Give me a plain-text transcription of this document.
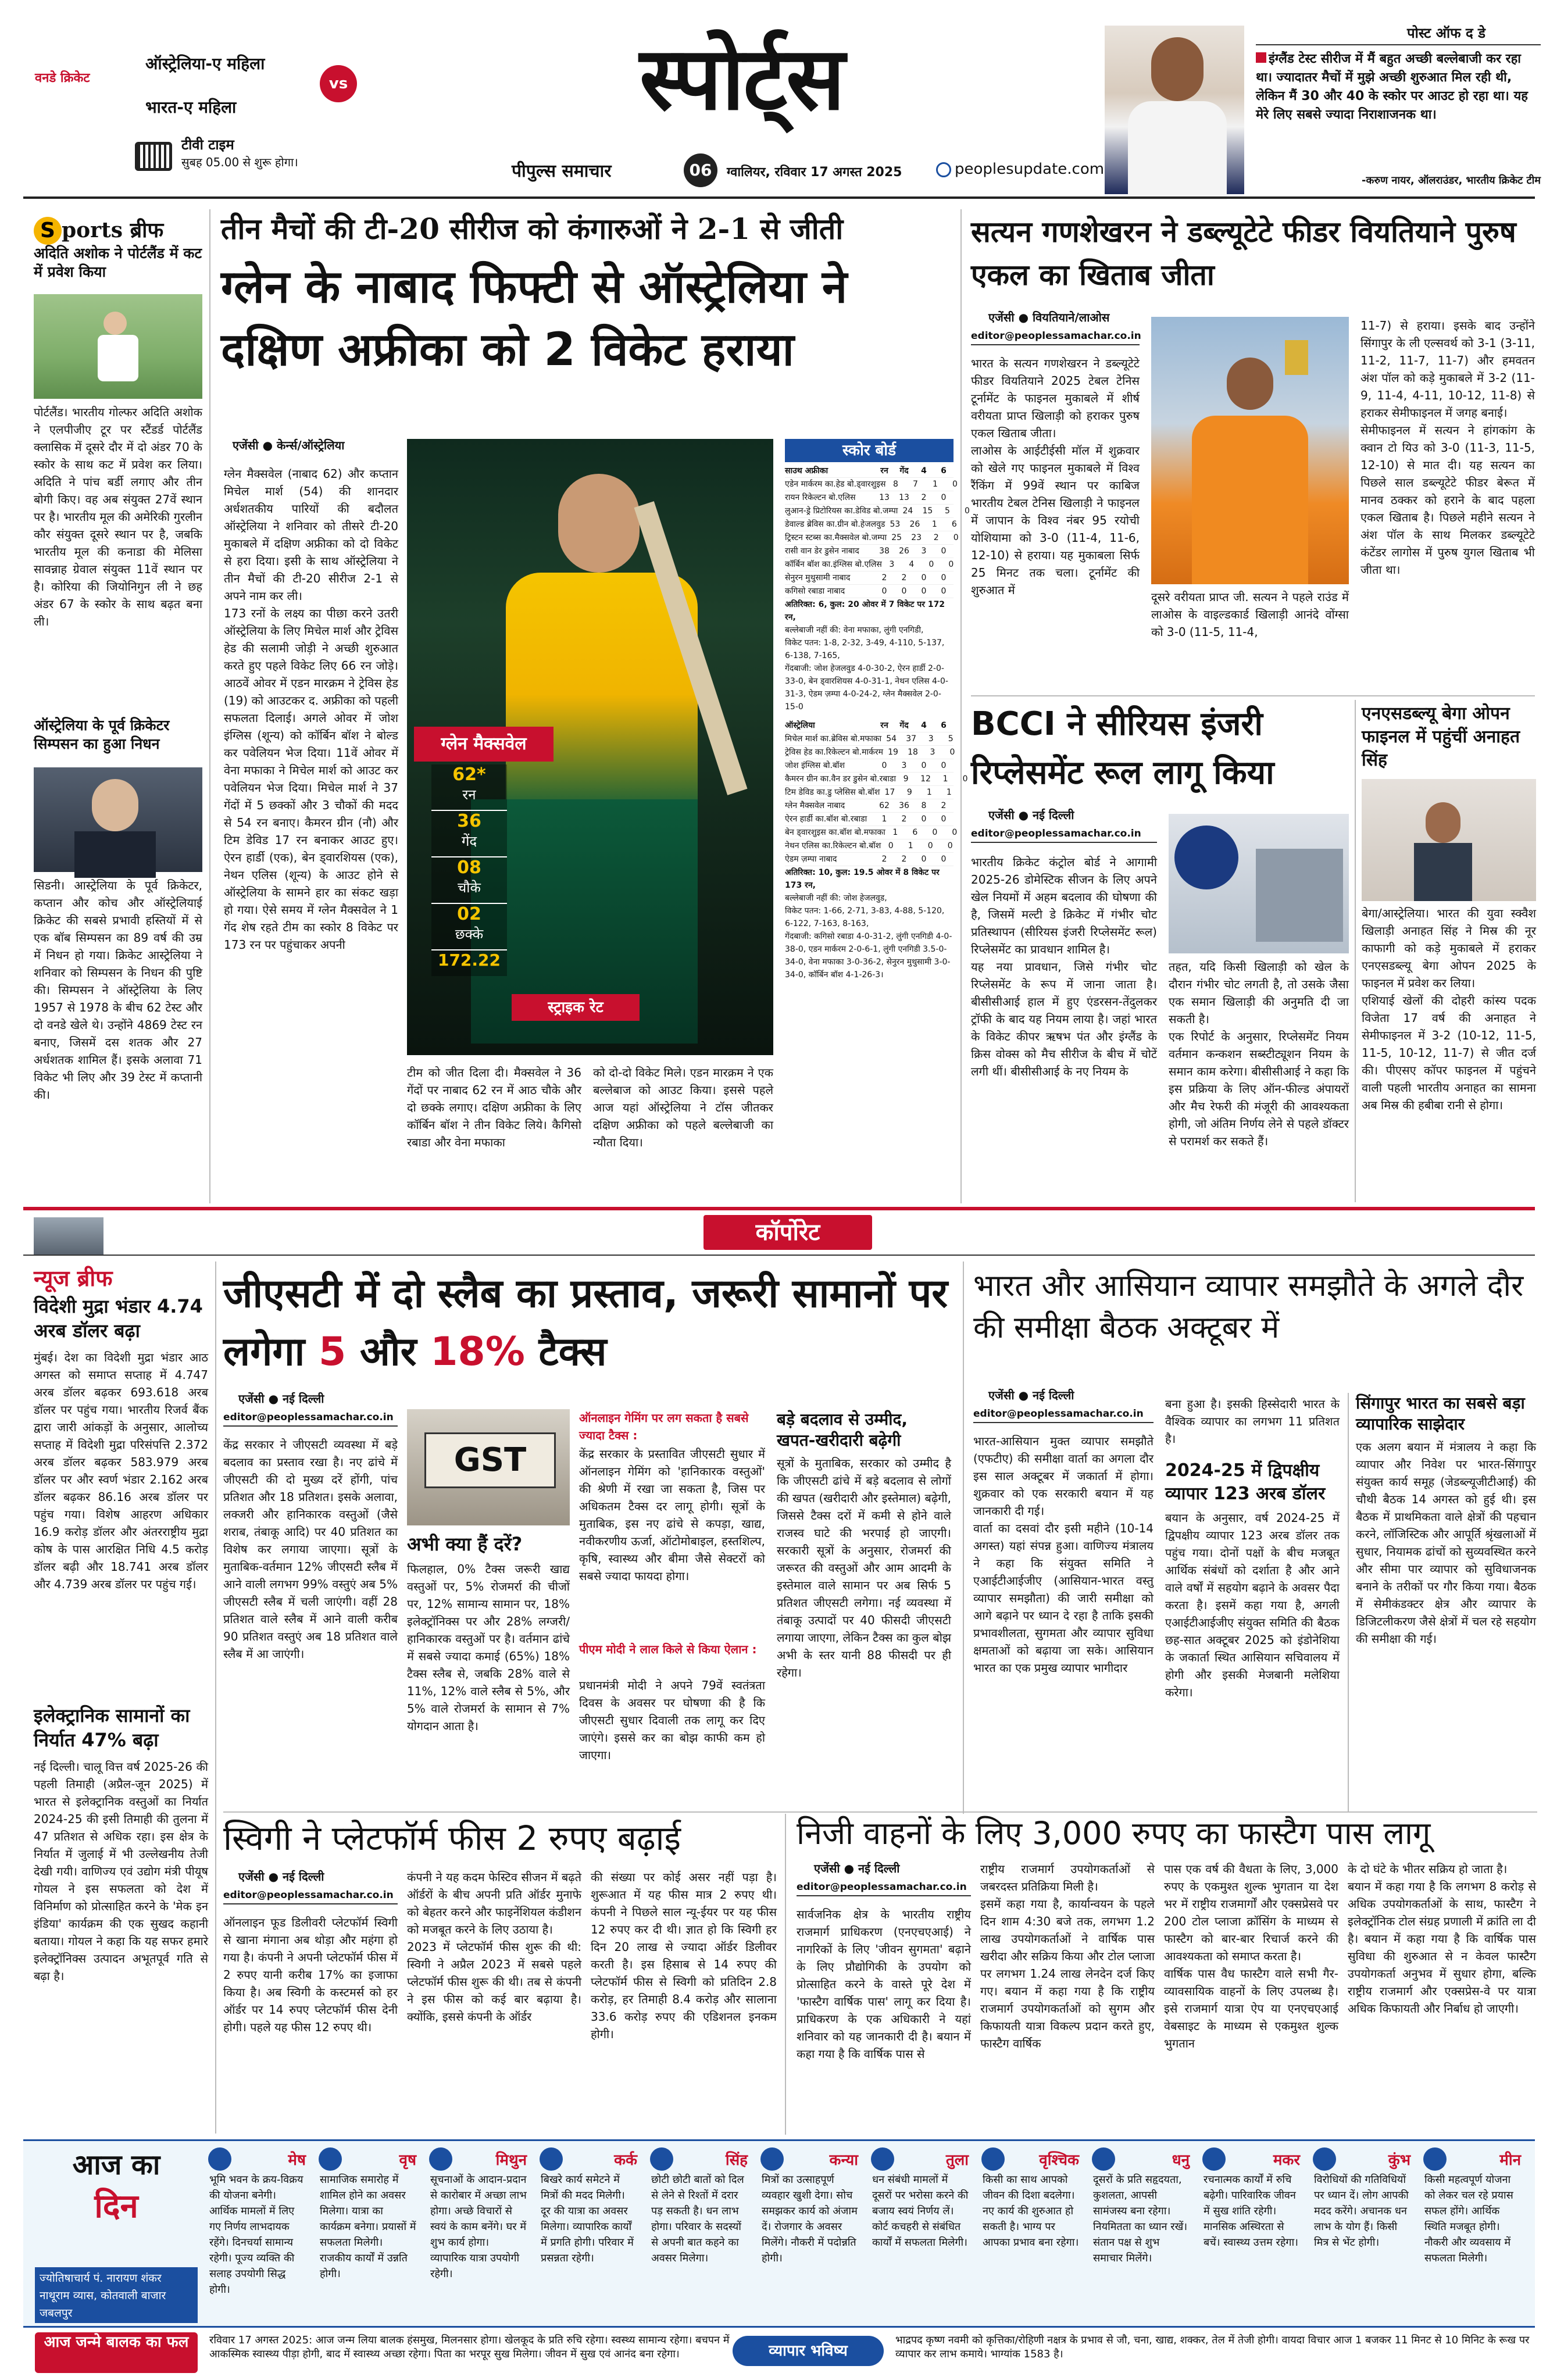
वनडे क्रिकेट
ऑस्ट्रेलिया-ए महिला
भारत-ए महिला
vs
टीवी टाइम
सुबह 05.00 से शुरू होगा।
स्पोर्ट्स
पीपुल्स समाचार	06	ग्वालियर, रविवार 17 अगस्त 2025	peoplesupdate.com
पोस्ट ऑफ द डे
इंग्लैंड टेस्ट सीरीज में मैं बहुत अच्छी बल्लेबाजी कर रहा था। ज्यादातर मैचों में मुझे अच्छी शुरुआत मिल रही थी, लेकिन मैं 30 और 40 के स्कोर पर आउट हो रहा था। यह मेरे लिए सबसे ज्यादा निराशाजनक था।
-करुण नायर, ऑलराउंडर, भारतीय क्रिकेट टीम
S ports ब्रीफ
अदिति अशोक ने पोर्टलैंड में कट में प्रवेश किया
पोर्टलैंड। भारतीय गोल्फर अदिति अशोक ने एलपीजीए टूर पर स्टैंडर्ड पोर्टलैंड क्लासिक में दूसरे दौर में दो अंडर 70 के स्कोर के साथ कट में प्रवेश कर लिया। अदिति ने पांच बर्डी लगाए और तीन बोगी किए। वह अब संयुक्त 27वें स्थान पर है। भारतीय मूल की अमेरिकी गुरलीन कौर संयुक्त दूसरे स्थान पर है, जबकि भारतीय मूल की कनाडा की मेलिसा सावन्नाह ग्रेवाल संयुक्त 11वें स्थान पर है। कोरिया की जियोनिगुन ली ने छह अंडर 67 के स्कोर के साथ बढ़त बना ली।
ऑस्ट्रेलिया के पूर्व क्रिकेटर सिम्पसन का हुआ निधन
सिडनी। आस्ट्रेलिया के पूर्व क्रिकेटर, कप्तान और कोच और ऑस्ट्रेलियाई क्रिकेट की सबसे प्रभावी हस्तियों में से एक बॉब सिम्पसन का 89 वर्ष की उम्र में निधन हो गया। क्रिकेट आस्ट्रेलिया ने शनिवार को सिम्पसन के निधन की पुष्टि की। सिम्पसन ने ऑस्ट्रेलिया के लिए 1957 से 1978 के बीच 62 टेस्ट और दो वनडे खेले थे। उन्होंने 4869 टेस्ट रन बनाए, जिसमें दस शतक और 27 अर्धशतक शामिल हैं। इसके अलावा 71 विकेट भी लिए और 39 टेस्ट में कप्तानी की।
तीन मैचों की टी-20 सीरीज को कंगारुओं ने 2-1 से जीती
ग्लेन के नाबाद फिफ्टी से ऑस्ट्रेलिया ने दक्षिण अफ्रीका को 2 विकेट हराया
एजेंसी ● केर्न्स/ऑस्ट्रेलिया
ग्लेन मैक्सवेल (नाबाद 62) और कप्तान मिचेल मार्श (54) की शानदार अर्धशतकीय पारियों की बदौलत ऑस्ट्रेलिया ने शनिवार को तीसरे टी-20 मुकाबले में दक्षिण अफ्रीका को दो विकेट से हरा दिया। इसी के साथ ऑस्ट्रेलिया ने तीन मैचों की टी-20 सीरीज 2-1 से अपने नाम कर ली।
173 रनों के लक्ष्य का पीछा करने उतरी ऑस्ट्रेलिया के लिए मिचेल मार्श और ट्रेविस हेड की सलामी जोड़ी ने अच्छी शुरुआत करते हुए पहले विकेट लिए 66 रन जोड़े। आठवें ओवर में एडन मारक्रम ने ट्रेविस हेड (19) को आउटकर द. अफ्रीका को पहली सफलता दिलाई। अगले ओवर में जोश इंग्लिस (शून्य) को कॉर्बिन बॉश ने बोल्ड कर पवेलियन भेज दिया। 11वें ओवर में वेना मफाका ने मिचेल मार्श को आउट कर पवेलियन भेज दिया। मिचेल मार्श ने 37 गेंदों में 5 छक्कों और 3 चौकों की मदद से 54 रन बनाए। कैमरन ग्रीन (नौ) और टिम डेविड 17 रन बनाकर आउट हुए। ऐरन हार्डी (एक), बेन ड्वारशियस (एक), नेथन एलिस (शून्य) के आउट होने से ऑस्ट्रेलिया के सामने हार का संकट खड़ा हो गया। ऐसे समय में ग्लेन मैक्सवेल ने 1 गेंद शेष रहते टीम का स्कोर 8 विकेट पर 173 रन पर पहुंचाकर अपनी
ग्लेन मैक्सवेल
62*
रन
36
गेंद
08
चौके
02
छक्के
172.22
स्ट्राइक रेट
टीम को जीत दिला दी। मैक्सवेल ने 36 गेंदों पर नाबाद 62 रन में आठ चौके और दो छक्के लगाए। दक्षिण अफ्रीका के लिए कॉर्बिन बॉश ने तीन विकेट लिये। कैगिसो रबाडा और वेना मफाका
को दो-दो विकेट मिले। एडन मारक्रम ने एक बल्लेबाज को आउट किया। इससे पहले आज यहां ऑस्ट्रेलिया ने टॉस जीतकर दक्षिण अफ्रीका को पहले बल्लेबाजी का न्यौता दिया।
स्कोर बोर्ड
साउथ अफ्रीका	रन	गेंद	4	6
एडेन मार्करम का.हेड बो.ड्वारशुइस 8	7	1	0
रायन रिकेल्टन बो.एलिस	13	13	2	0
लुआन-ड्रे प्रिटोरियस का.डेविड बो.जम्पा 24	15	5	0
डेवाल्ड ब्रेविस का.ग्रीन बो.हेजलवुड 53	26	1	6
ट्रिस्टन स्टब्स का.मैक्सवेल बो.जम्पा 25	23	2	0
रासी वान डेर डुसेन नाबाद	38	26	3	0
कॉर्बिन बॉश का.इंग्लिस बो.एलिस 3	4	0	0
सेनुरन मुथुसामी नाबाद	2	2	0	0
कगिसो रबाडा नाबाद	0	0	0	0
अतिरिक्त: 6, कुल: 20 ओवर में 7 विकेट पर 172 रन,
बल्लेबाजी नहीं की: वेना मफाका, लुंगी एनगिडी,
विकेट पतन: 1-8, 2-32, 3-49, 4-110, 5-137, 6-138, 7-165,
गेंदबाजी: जोश हेजलवुड 4-0-30-2, ऐरन हार्डी 2-0-33-0, बेन ड्वारशियस 4-0-31-1, नेथन एलिस 4-0-31-3, ऐडम ज़म्पा 4-0-24-2, ग्लेन मैक्सवेल 2-0-15-0
ऑस्ट्रेलिया	रन	गेंद	4	6
मिचेल मार्श का.ब्रेविस बो.मफाका 54	37	3	5
ट्रेविस हेड का.रिकेल्टन बो.मार्करम 19	18	3	0
जोश इंग्लिस बो.बॉश	0	3	0	0
कैमरन ग्रीन का.वैन डर डुसेन बो.रबाडा 9	12	1	0
टिम डेविड का.डु प्लेसिस बो.बॉश 17	9	1	1
ग्लेन मैक्सवेल नाबाद	62	36	8	2
ऐरन हार्डी का.बॉश बो.रबाडा	1	2	0	0
बेन ड्वारशुइस का.बॉश बो.मफाका 1	6	0	0
नेथन एलिस का.रिकेल्टन बो.बॉश 0	1	0	0
ऐडम ज़म्पा नाबाद	2	2	0	0
अतिरिक्त: 10, कुल: 19.5 ओवर में 8 विकेट पर 173 रन,
बल्लेबाजी नहीं की: जोश हेजलवुड,
विकेट पतन: 1-66, 2-71, 3-83, 4-88, 5-120, 6-122, 7-163, 8-163,
गेंदबाजी: कगिसो रबाडा 4-0-31-2, लुंगी एनगिडी 4-0-38-0, एडन मार्करम 2-0-6-1, लुंगी एनगिडी 3.5-0-34-0, वेना मफाका 3-0-36-2, सेनुरन मुथुसामी 3-0-34-0, कॉर्बिन बॉश 4-1-26-3।
सत्यन गणशेखरन ने डब्ल्यूटेटे फीडर वियतियाने पुरुष एकल का खिताब जीता
एजेंसी ● वियतियाने/लाओस
editor@peoplessamachar.co.in
भारत के सत्यन गणशेखरन ने डब्ल्यूटेटे फीडर वियतियाने 2025 टेबल टेनिस टूर्नामेंट के फाइनल मुकाबले में शीर्ष वरीयता प्राप्त खिलाड़ी को हराकर पुरुष एकल खिताब जीता।
लाओस के आईटीईसी मॉल में शुक्रवार को खेले गए फाइनल मुकाबले में विश्व रैंकिंग में 99वें स्थान पर काबिज भारतीय टेबल टेनिस खिलाड़ी ने फाइनल में जापान के विश्व नंबर 95 रयोची योशियामा को 3-0 (11-4, 11-6, 12-10) से हराया। यह मुकाबला सिर्फ 25 मिनट तक चला। टूर्नामेंट की शुरुआत में	दूसरे वरीयता प्राप्त जी. सत्यन ने पहले राउंड में लाओस के वाइल्डकार्ड खिलाड़ी आनंदे वोंग्सा को 3-0 (11-5, 11-4,
11-7) से हराया। इसके बाद उन्होंने सिंगापुर के ली एल्सवर्थ को 3-1 (3-11, 11-2, 11-7, 11-7) और हमवतन अंश पॉल को कड़े मुकाबले में 3-2 (11-9, 11-4, 4-11, 10-12, 11-8) से हराकर सेमीफाइनल में जगह बनाई।
सेमीफाइनल में सत्यन ने हांगकांग के क्वान टो यिउ को 3-0 (11-3, 11-5, 12-10) से मात दी। यह सत्यन का पिछले साल डब्ल्यूटेटे फीडर बेरूत में मानव ठक्कर को हराने के बाद पहला एकल खिताब है। पिछले महीने सत्यन ने अंश पॉल के साथ मिलकर डब्ल्यूटेटे कंटेंडर लागोस में पुरुष युगल खिताब भी जीता था।
BCCI ने सीरियस इंजरी रिप्लेसमेंट रूल लागू किया
एजेंसी ● नई दिल्ली
editor@peoplessamachar.co.in
भारतीय क्रिकेट कंट्रोल बोर्ड ने आगामी 2025-26 डोमेस्टिक सीजन के लिए अपने खेल नियमों में अहम बदलाव की घोषणा की है, जिसमें मल्टी डे क्रिकेट में गंभीर चोट प्रतिस्थापन (सीरियस इंजरी रिप्लेसमेंट रूल) रिप्लेसमेंट का प्रावधान शामिल है।
यह नया प्रावधान, जिसे गंभीर चोट रिप्लेसमेंट के रूप में जाना जाता है। बीसीसीआई हाल में हुए एंडरसन-तेंदुलकर ट्रॉफी के बाद यह नियम लाया है। जहां भारत के विकेट कीपर ऋषभ पंत और इंग्लैंड के क्रिस वोक्स को मैच सीरीज के बीच में चोटें लगी थीं। बीसीसीआई के नए नियम के
तहत, यदि किसी खिलाड़ी को खेल के दौरान गंभीर चोट लगती है, तो उसके जैसा एक समान खिलाड़ी की अनुमति दी जा सकती है।
एक रिपोर्ट के अनुसार, रिप्लेसमेंट नियम वर्तमान कन्कशन सब्स्टीट्यूशन नियम के समान काम करेगा। बीसीसीआई ने कहा कि इस प्रक्रिया के लिए ऑन-फील्ड अंपायरों और मैच रेफरी की मंजूरी की आवश्यकता होगी, जो अंतिम निर्णय लेने से पहले डॉक्टर से परामर्श कर सकते हैं।
एनएसडब्ल्यू बेगा ओपन फाइनल में पहुंचीं अनाहत सिंह
बेगा/आस्ट्रेलिया। भारत की युवा स्क्वैश खिलाड़ी अनाहत सिंह ने मिस्र की नूर काफागी को कड़े मुकाबले में हराकर एनएसडब्ल्यू बेगा ओपन 2025 के फाइनल में प्रवेश कर लिया।
एशियाई खेलों की दोहरी कांस्य पदक विजेता 17 वर्ष की अनाहत ने सेमीफाइनल में 3-2 (10-12, 11-5, 11-5, 10-12, 11-7) से जीत दर्ज की। पीएसए कॉपर फाइनल में पहुंचने वाली पहली भारतीय अनाहत का सामना अब मिस्र की हबीबा रानी से होगा।
कॉर्पोरेट
न्यूज ब्रीफ
विदेशी मुद्रा भंडार 4.74 अरब डॉलर बढ़ा
मुंबई। देश का विदेशी मुद्रा भंडार आठ अगस्त को समाप्त सप्ताह में 4.747 अरब डॉलर बढ़कर 693.618 अरब डॉलर पर पहुंच गया। भारतीय रिजर्व बैंक द्वारा जारी आंकड़ों के अनुसार, आलोच्य सप्ताह में विदेशी मुद्रा परिसंपत्ति 2.372 अरब डॉलर बढ़कर 583.979 अरब डॉलर पर और स्वर्ण भंडार 2.162 अरब डॉलर बढ़कर 86.16 अरब डॉलर पर पहुंच गया। विशेष आहरण अधिकार 16.9 करोड़ डॉलर और अंतरराष्ट्रीय मुद्रा कोष के पास आरक्षित निधि 4.5 करोड़ डॉलर बढ़ी और 18.741 अरब डॉलर और 4.739 अरब डॉलर पर पहुंच गई।
इलेक्ट्रानिक सामानों का निर्यात 47% बढ़ा
नई दिल्ली। चालू वित्त वर्ष 2025-26 की पहली तिमाही (अप्रैल-जून 2025) में भारत से इलेक्ट्रानिक वस्तुओं का निर्यात 2024-25 की इसी तिमाही की तुलना में 47 प्रतिशत से अधिक रहा। इस क्षेत्र के निर्यात में जुलाई में भी उल्लेखनीय तेजी देखी गयी। वाणिज्य एवं उद्योग मंत्री पीयूष गोयल ने इस सफलता को देश में विनिर्माण को प्रोत्साहित करने के 'मेक इन इंडिया' कार्यक्रम की एक सुखद कहानी बताया। गोयल ने कहा कि यह सफर हमारे इलेक्ट्रॉनिक्स उत्पादन अभूतपूर्व गति से बढ़ा है।
जीएसटी में दो स्लैब का प्रस्ताव, जरूरी सामानों पर लगेगा 5 और 18% टैक्स
एजेंसी ● नई दिल्ली
editor@peoplessamachar.co.in
केंद्र सरकार ने जीएसटी व्यवस्था में बड़े बदलाव का प्रस्ताव रखा है। नए ढांचे में जीएसटी की दो मुख्य दरें होंगी, पांच प्रतिशत और 18 प्रतिशत। इसके अलावा, लक्जरी और हानिकारक वस्तुओं (जैसे शराब, तंबाकू आदि) पर 40 प्रतिशत का विशेष कर लगाया जाएगा। सूत्रों के मुताबिक-वर्तमान 12% जीएसटी स्लैब में आने वाली लगभग 99% वस्तुएं अब 5% जीएसटी स्लैब में चली जाएंगी। वहीं 28 प्रतिशत वाले स्लैब में आने वाली करीब 90 प्रतिशत वस्तुएं अब 18 प्रतिशत वाले स्लैब में आ जाएंगी।
GST
अभी क्या हैं दरें?
फिलहाल, 0% टैक्स जरूरी खाद्य वस्तुओं पर, 5% रोजमर्रा की चीजों पर, 12% सामान्य सामान पर, 18% इलेक्ट्रॉनिक्स पर और 28% लग्जरी/हानिकारक वस्तुओं पर है। वर्तमान ढांचे में सबसे ज्यादा कमाई (65%) 18% टैक्स स्लैब से, जबकि 28% वाले से 11%, 12% वाले स्लैब से 5%, और 5% वाले रोजमर्रा के सामान से 7% योगदान आता है।
ऑनलाइन गेमिंग पर लग सकता है सबसे ज्यादा टैक्स :
केंद्र सरकार के प्रस्तावित जीएसटी सुधार में ऑनलाइन गेमिंग को 'हानिकारक वस्तुओं' की श्रेणी में रखा जा सकता है, जिस पर अधिकतम टैक्स दर लागू होगी। सूत्रों के मुताबिक, इस नए ढांचे से कपड़ा, खाद्य, नवीकरणीय ऊर्जा, ऑटोमोबाइल, हस्तशिल्प, कृषि, स्वास्थ्य और बीमा जैसे सेक्टरों को सबसे ज्यादा फायदा होगा।
पीएम मोदी ने लाल किले से किया ऐलान :
प्रधानमंत्री मोदी ने अपने 79वें स्वतंत्रता दिवस के अवसर पर घोषणा की है कि जीएसटी सुधार दिवाली तक लागू कर दिए जाएंगे। इससे कर का बोझ काफी कम हो जाएगा।
बड़े बदलाव से उम्मीद, खपत-खरीदारी बढ़ेगी
सूत्रों के मुताबिक, सरकार को उम्मीद है कि जीएसटी ढांचे में बड़े बदलाव से लोगों की खपत (खरीदारी और इस्तेमाल) बढ़ेगी, जिससे टैक्स दरों में कमी से होने वाले राजस्व घाटे की भरपाई हो जाएगी। सरकारी सूत्रों के अनुसार, रोजमर्रा की जरूरत की वस्तुओं और आम आदमी के इस्तेमाल वाले सामान पर अब सिर्फ 5 प्रतिशत जीएसटी लगेगा। नई व्यवस्था में तंबाकू उत्पादों पर 40 फीसदी जीएसटी लगाया जाएगा, लेकिन टैक्स का कुल बोझ अभी के स्तर यानी 88 फीसदी पर ही रहेगा।
भारत और आसियान व्यापार समझौते के अगले दौर की समीक्षा बैठक अक्टूबर में
एजेंसी ● नई दिल्ली
editor@peoplessamachar.co.in
भारत-आसियान मुक्त व्यापार समझौते (एफटीए) की समीक्षा वार्ता का अगला दौर इस साल अक्टूबर में जकार्ता में होगा। शुक्रवार को एक सरकारी बयान में यह जानकारी दी गई।
वार्ता का दसवां दौर इसी महीने (10-14 अगस्त) यहां संपन्न हुआ। वाणिज्य मंत्रालय ने कहा कि संयुक्त समिति ने एआईटीआईजीए (आसियान-भारत वस्तु व्यापार समझौता) की जारी समीक्षा को आगे बढ़ाने पर ध्यान दे रहा है ताकि इसकी प्रभावशीलता, सुगमता और व्यापार सुविधा क्षमताओं को बढ़ाया जा सके। आसियान भारत का एक प्रमुख व्यापार भागीदार
बना हुआ है। इसकी हिस्सेदारी भारत के वैश्विक व्यापार का लगभग 11 प्रतिशत है।
2024-25 में द्विपक्षीय व्यापार 123 अरब डॉलर
बयान के अनुसार, वर्ष 2024-25 में द्विपक्षीय व्यापार 123 अरब डॉलर तक पहुंच गया। दोनों पक्षों के बीच मजबूत आर्थिक संबंधों को दर्शाता है और आने वाले वर्षों में सहयोग बढ़ाने के अवसर पैदा करता है। इसमें कहा गया है, अगली एआईटीआईजीए संयुक्त समिति की बैठक छह-सात अक्टूबर 2025 को इंडोनेशिया के जकार्ता स्थित आसियान सचिवालय में होगी और इसकी मेजबानी मलेशिया करेगा।
सिंगापुर भारत का सबसे बड़ा व्यापारिक साझेदार
एक अलग बयान में मंत्रालय ने कहा कि व्यापार और निवेश पर भारत-सिंगापुर संयुक्त कार्य समूह (जेडब्ल्यूजीटीआई) की चौथी बैठक 14 अगस्त को हुई थी। इस बैठक में प्राथमिकता वाले क्षेत्रों की पहचान करने, लॉजिस्टिक और आपूर्ति श्रृंखलाओं में सुधार, नियामक ढांचों को सुव्यवस्थित करने और सीमा पार व्यापार को सुविधाजनक बनाने के तरीकों पर गौर किया गया। बैठक में सेमीकंडक्टर क्षेत्र और व्यापार के डिजिटलीकरण जैसे क्षेत्रों में चल रहे सहयोग की समीक्षा की गई।
स्विगी ने प्लेटफॉर्म फीस 2 रुपए बढ़ाई
एजेंसी ● नई दिल्ली
editor@peoplessamachar.co.in
ऑनलाइन फूड डिलीवरी प्लेटफॉर्म स्विगी से खाना मंगाना अब थोड़ा और महंगा हो गया है। कंपनी ने अपनी प्लेटफॉर्म फीस में 2 रुपए यानी करीब 17% का इजाफा किया है। अब स्विगी के कस्टमर्स को हर ऑर्डर पर 14 रुपए प्लेटफॉर्म फीस देनी होगी। पहले यह फीस 12 रुपए थी।
कंपनी ने यह कदम फेस्टिव सीजन में बढ़ते ऑर्डरों के बीच अपनी प्रति ऑर्डर मुनाफे को बेहतर करने और फाइनेंशियल कंडीशन को मजबूत करने के लिए उठाया है।
2023 में प्लेटफॉर्म फीस शुरू की थी: स्विगी ने अप्रैल 2023 में सबसे पहले प्लेटफॉर्म फीस शुरू की थी। तब से कंपनी ने इस फीस को कई बार बढ़ाया है। क्योंकि, इससे कंपनी के ऑर्डर
की संख्या पर कोई असर नहीं पड़ा है। शुरूआत में यह फीस मात्र 2 रुपए थी। कंपनी ने पिछले साल न्यू-ईयर पर यह फीस 12 रुपए कर दी थी। ज्ञात हो कि स्विगी हर दिन 20 लाख से ज्यादा ऑर्डर डिलीवर करती है। इस हिसाब से 14 रुपए की प्लेटफॉर्म फीस से स्विगी को प्रतिदिन 2.8 करोड़, हर तिमाही 8.4 करोड़ और सालाना 33.6 करोड़ रुपए की एडिशनल इनकम होगी।
निजी वाहनों के लिए 3,000 रुपए का फास्टैग पास लागू
एजेंसी ● नई दिल्ली
editor@peoplessamachar.co.in
सार्वजनिक क्षेत्र के भारतीय राष्ट्रीय राजमार्ग प्राधिकरण (एनएचएआई) ने नागरिकों के लिए 'जीवन सुगमता' बढ़ाने के लिए प्रौद्योगिकी के उपयोग को प्रोत्साहित करने के वास्ते पूरे देश में 'फास्टैग वार्षिक पास' लागू कर दिया है। प्राधिकरण के एक अधिकारी ने यहां शनिवार को यह जानकारी दी है। बयान में कहा गया है कि वार्षिक पास से
राष्ट्रीय राजमार्ग उपयोगकर्ताओं से जबरदस्त प्रतिक्रिया मिली है।
इसमें कहा गया है, कार्यान्वयन के पहले दिन शाम 4:30 बजे तक, लगभग 1.2 लाख उपयोगकर्ताओं ने वार्षिक पास खरीदा और सक्रिय किया और टोल प्लाजा पर लगभग 1.24 लाख लेनदेन दर्ज किए गए। बयान में कहा गया है कि राष्ट्रीय राजमार्ग उपयोगकर्ताओं को सुगम और किफायती यात्रा विकल्प प्रदान करते हुए, फास्टैग वार्षिक
पास एक वर्ष की वैधता के लिए, 3,000 रुपए के एकमुश्त शुल्क भुगतान या देश भर में राष्ट्रीय राजमार्गों और एक्सप्रेसवे पर 200 टोल प्लाजा क्रॉसिंग के माध्यम से फास्टैग को बार-बार रिचार्ज करने की आवश्यकता को समाप्त करता है।
वार्षिक पास वैध फास्टैग वाले सभी गैर-व्यावसायिक वाहनों के लिए उपलब्ध है। इसे राजमार्ग यात्रा ऐप या एनएचएआई वेबसाइट के माध्यम से एकमुश्त शुल्क भुगतान
के दो घंटे के भीतर सक्रिय हो जाता है।
बयान में कहा गया है कि लगभग 8 करोड़ से अधिक उपयोगकर्ताओं के साथ, फास्टैग ने इलेक्ट्रॉनिक टोल संग्रह प्रणाली में क्रांति ला दी है। बयान में कहा गया है कि वार्षिक पास सुविधा की शुरुआत से न केवल फास्टैग उपयोगकर्ता अनुभव में सुधार होगा, बल्कि राष्ट्रीय राजमार्ग और एक्सप्रेस-वे पर यात्रा अधिक किफायती और निर्बाध हो जाएगी।
आज का
दिन
ज्योतिषाचार्य पं. नारायण शंकर नाथूराम व्यास, कोतवाली बाजार जबलपुर
मेष
भूमि भवन के क्रय-विक्रय की योजना बनेगी। आर्थिक मामलों में लिए गए निर्णय लाभदायक रहेंगे। दिनचर्या सामान्य रहेगी। पूज्य व्यक्ति की सलाह उपयोगी सिद्ध होगी।
वृष
सामाजिक समारोह में शामिल होने का अवसर मिलेगा। यात्रा का कार्यक्रम बनेगा। प्रयासों में सफलता मिलेगी। राजकीय कार्यों में उन्नति होगी।
मिथुन
सूचनाओं के आदान-प्रदान से कारोबार में अच्छा लाभ होगा। अच्छे विचारों से स्वयं के काम बनेंगे। घर में शुभ कार्य होगा। व्यापारिक यात्रा उपयोगी रहेगी।
कर्क
बिखरे कार्य समेटने में मित्रों की मदद मिलेगी। दूर की यात्रा का अवसर मिलेगा। व्यापारिक कार्यों में प्रगति होगी। परिवार में प्रसन्नता रहेगी।
सिंह
छोटी छोटी बातों को दिल से लेने से रिश्तों में दरार पड़ सकती है। धन लाभ होगा। परिवार के सदस्यों से अपनी बात कहने का अवसर मिलेगा।
कन्या
मित्रों का उत्साहपूर्ण व्यवहार खुशी देगा। सोच समझकर कार्य को अंजाम दें। रोजगार के अवसर मिलेंगे। नौकरी में पदोन्नति होगी।
तुला
धन संबंधी मामलों में दूसरों पर भरोसा करने की बजाय स्वयं निर्णय लें। कोर्ट कचहरी से संबंधित कार्यों में सफलता मिलेगी।
वृश्चिक
किसी का साथ आपको जीवन की दिशा बदलेगा। नए कार्य की शुरुआत हो सकती है। भाग्य पर आपका प्रभाव बना रहेगा।
धनु
दूसरों के प्रति सहृदयता, कुशलता, आपसी सामंजस्य बना रहेगा। नियमितता का ध्यान रखें। संतान पक्ष से शुभ समाचार मिलेंगे।
मकर
रचनात्मक कार्यों में रुचि बढ़ेगी। पारिवारिक जीवन में सुख शांति रहेगी। मानसिक अस्थिरता से बचें। स्वास्थ्य उत्तम रहेगा।
कुंभ
विरोधियों की गतिविधियों पर ध्यान दें। लोग आपकी मदद करेंगे। अचानक धन लाभ के योग हैं। किसी मित्र से भेंट होगी।
मीन
किसी महत्वपूर्ण योजना को लेकर चल रहे प्रयास सफल होंगे। आर्थिक स्थिति मजबूत होगी। नौकरी और व्यवसाय में सफलता मिलेगी।
आज जन्मे बालक का फल	रविवार 17 अगस्त 2025: आज जन्म लिया बालक हंसमुख, मिलनसार होगा। खेलकूद के प्रति रुचि रहेगा। स्वस्थ्य सामान्य रहेगा। बचपन में आकस्मिक स्वास्थ्य पीड़ा होगी, बाद में स्वास्थ्य अच्छा रहेगा। पिता का भरपूर सुख मिलेगा। जीवन में सुख एवं आनंद बना रहेगा।	व्यापार भविष्य
भाद्रपद कृष्ण नवमी को कृत्तिका/रोहिणी नक्षत्र के प्रभाव से जौ, चना, खाद्य, शक्कर, तेल में तेजी होगी। वायदा विचार आज 1 बजकर 11 मिनट से 10 मिनिट के रूख पर व्यापार कर लाभ कमाये। भाग्यांक 1583 है।
